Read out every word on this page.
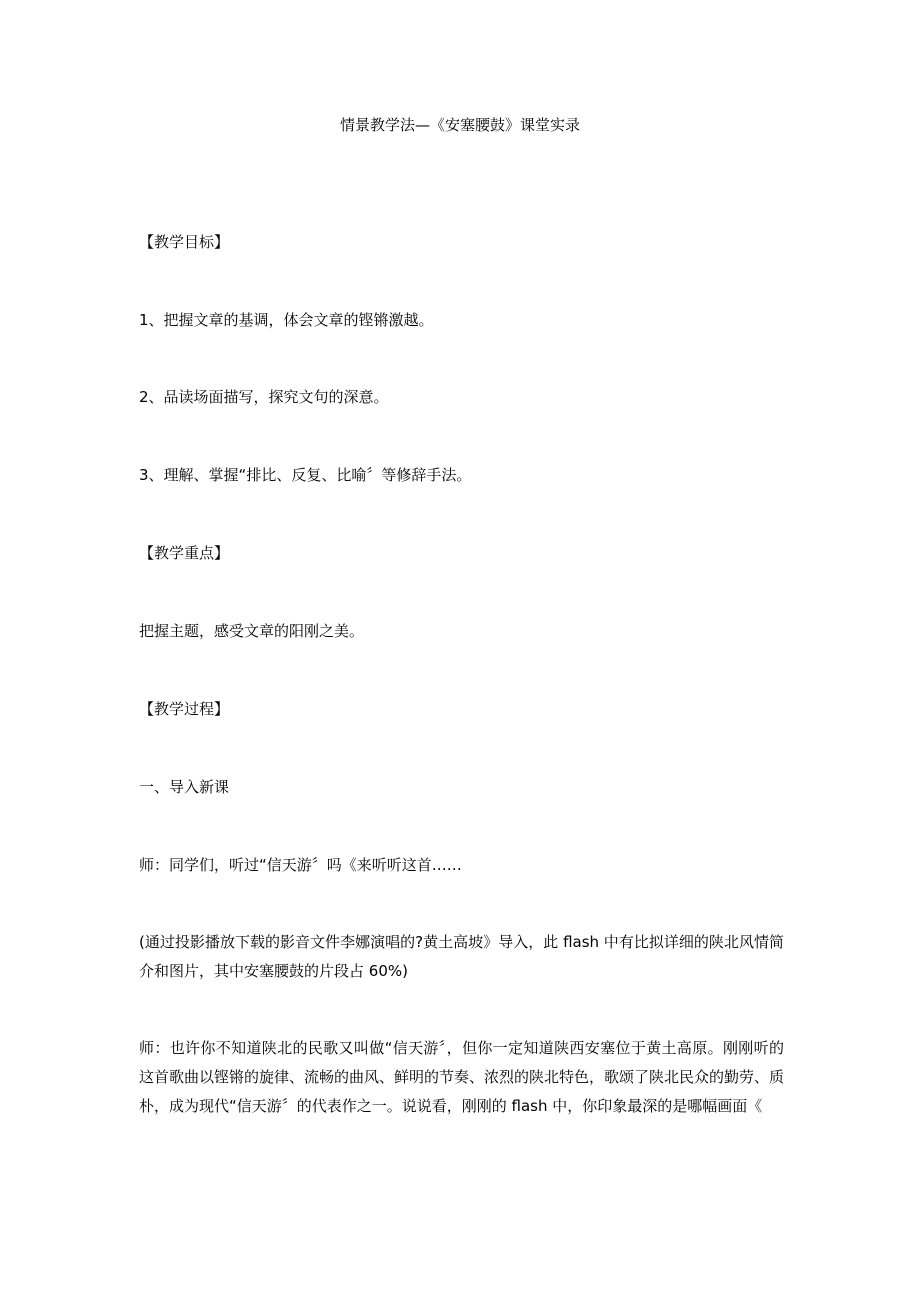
情景教学法—《安塞腰鼓》课堂实录
【教学目标】
1、把握文章的基调，体会文章的铿锵激越。
2、品读场面描写，探究文句的深意。
3、理解、掌握“排比、反复、比喻〞等修辞手法。
【教学重点】
把握主题，感受文章的阳刚之美。
【教学过程】
一、导入新课
师：同学们，听过“信天游〞吗《来听听这首……
(通过投影播放下载的影音文件李娜演唱的?黄土高坡》导入，此 flash 中有比拟详细的陕北风情简介和图片，其中安塞腰鼓的片段占 60%)
师：也许你不知道陕北的民歌又叫做“信天游〞，但你一定知道陕西安塞位于黄土高原。刚刚听的这首歌曲以铿锵的旋律、流畅的曲风、鲜明的节奏、浓烈的陕北特色，歌颂了陕北民众的勤劳、质朴，成为现代“信天游〞的代表作之一。说说看，刚刚的 flash 中，你印象最深的是哪幅画面《
